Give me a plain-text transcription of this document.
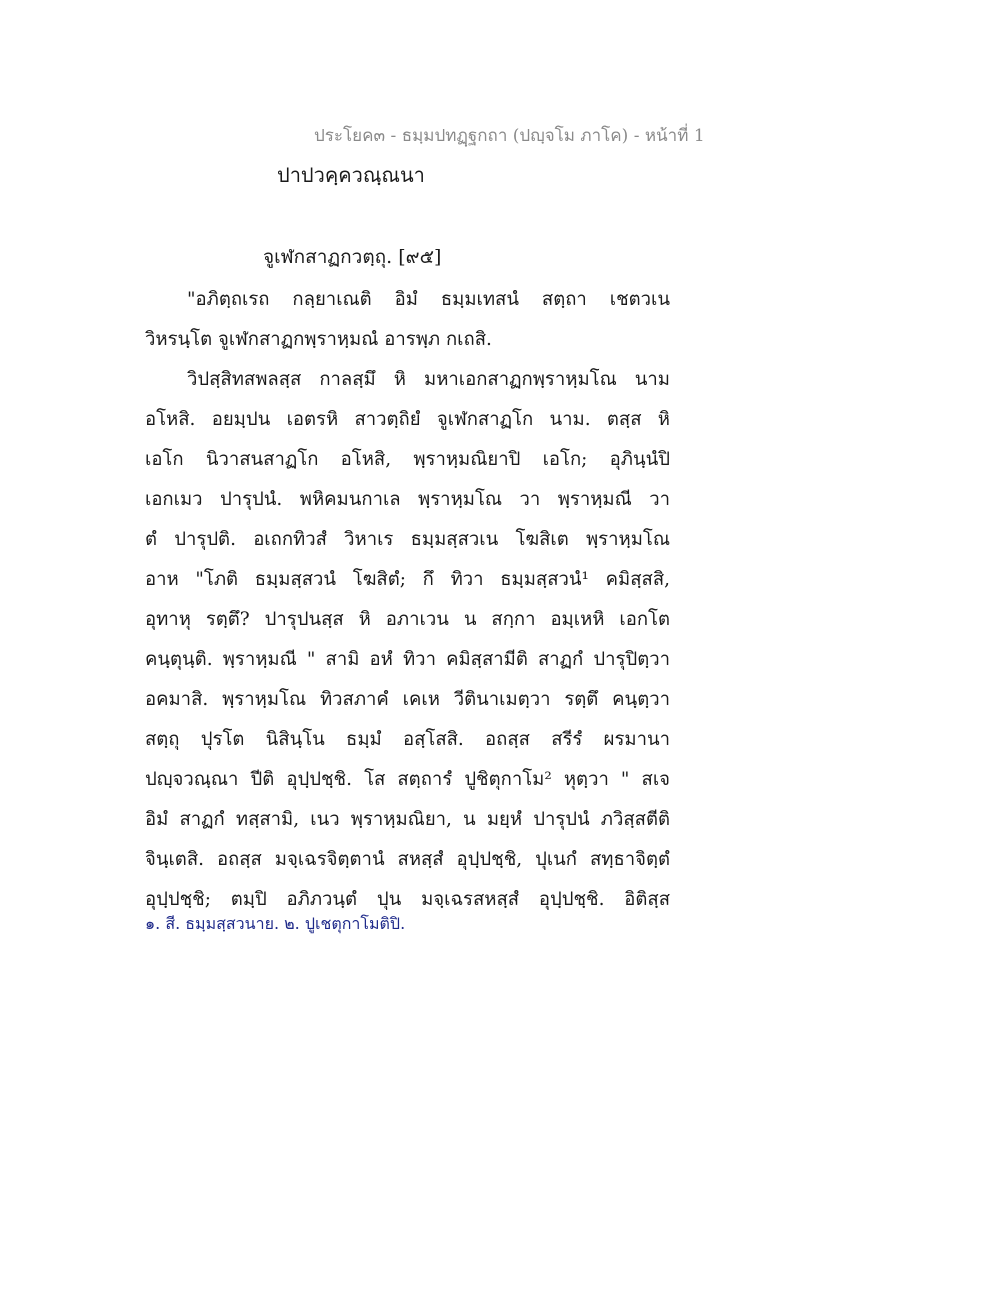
ประโยค๓ - ธมฺมปทฏฺฐกถา (ปญฺจโม ภาโค) - หน้าที่ 1
ปาปวคฺควณฺณนา
จูเฬกสาฏกวตฺถุ. [๙๕]
"อภิตฺถเรถ กลฺยาเณติ อิมํ ธมฺมเทสนํ สตฺถา เชตวเน
วิหรนฺโต จูเฬกสาฏกพฺราหฺมณํ อารพฺภ กเถสิ.
วิปสฺสิทสพลสฺส กาลสฺมึ หิ มหาเอกสาฏกพฺราหฺมโณ นาม
อโหสิ. อยมฺปน เอตรหิ สาวตฺถิยํ จูเฬกสาฏโก นาม. ตสฺส หิ
เอโก นิวาสนสาฏโก อโหสิ, พฺราหฺมณิยาปิ เอโก; อุภินฺนํปิ
เอกเมว ปารุปนํ. พหิคมนกาเล พฺราหฺมโณ วา พฺราหฺมณี วา
ตํ ปารุปติ. อเถกทิวสํ วิหาเร ธมฺมสฺสวเน โฆสิเต พฺราหฺมโณ
อาห "โภติ ธมฺมสฺสวนํ โฆสิตํ; กึ ทิวา ธมฺมสฺสวนํ¹ คมิสฺสสิ,
อุทาหุ รตฺตึ? ปารุปนสฺส หิ อภาเวน น สกฺกา อมฺเหหิ เอกโต
คนฺตุนฺติ. พฺราหฺมณี " สามิ อหํ ทิวา คมิสฺสามีติ สาฏกํ ปารุปิตฺวา
อคมาสิ. พฺราหฺมโณ ทิวสภาคํ เคเห วีตินาเมตฺวา รตฺตึ คนฺตฺวา
สตฺถุ ปุรโต นิสินฺโน ธมฺมํ อสฺโสสิ. อถสฺส สรีรํ ผรมานา
ปญฺจวณฺณา ปีติ อุปฺปชฺชิ. โส สตฺถารํ ปูชิตุกาโม² หุตฺวา " สเจ
อิมํ สาฏกํ ทสฺสามิ, เนว พฺราหฺมณิยา, น มยฺหํ ปารุปนํ ภวิสฺสตีติ
จินฺเตสิ. อถสฺส มจฺเฉรจิตฺตานํ สหสฺสํ อุปฺปชฺชิ, ปุเนกํ สทฺธาจิตฺตํ
อุปฺปชฺชิ; ตมฺปิ อภิภวนฺตํ ปุน มจฺเฉรสหสฺสํ อุปฺปชฺชิ. อิติสฺส
๑. สี. ธมฺมสฺสวนาย. ๒. ปูเชตุกาโมติปิ.
